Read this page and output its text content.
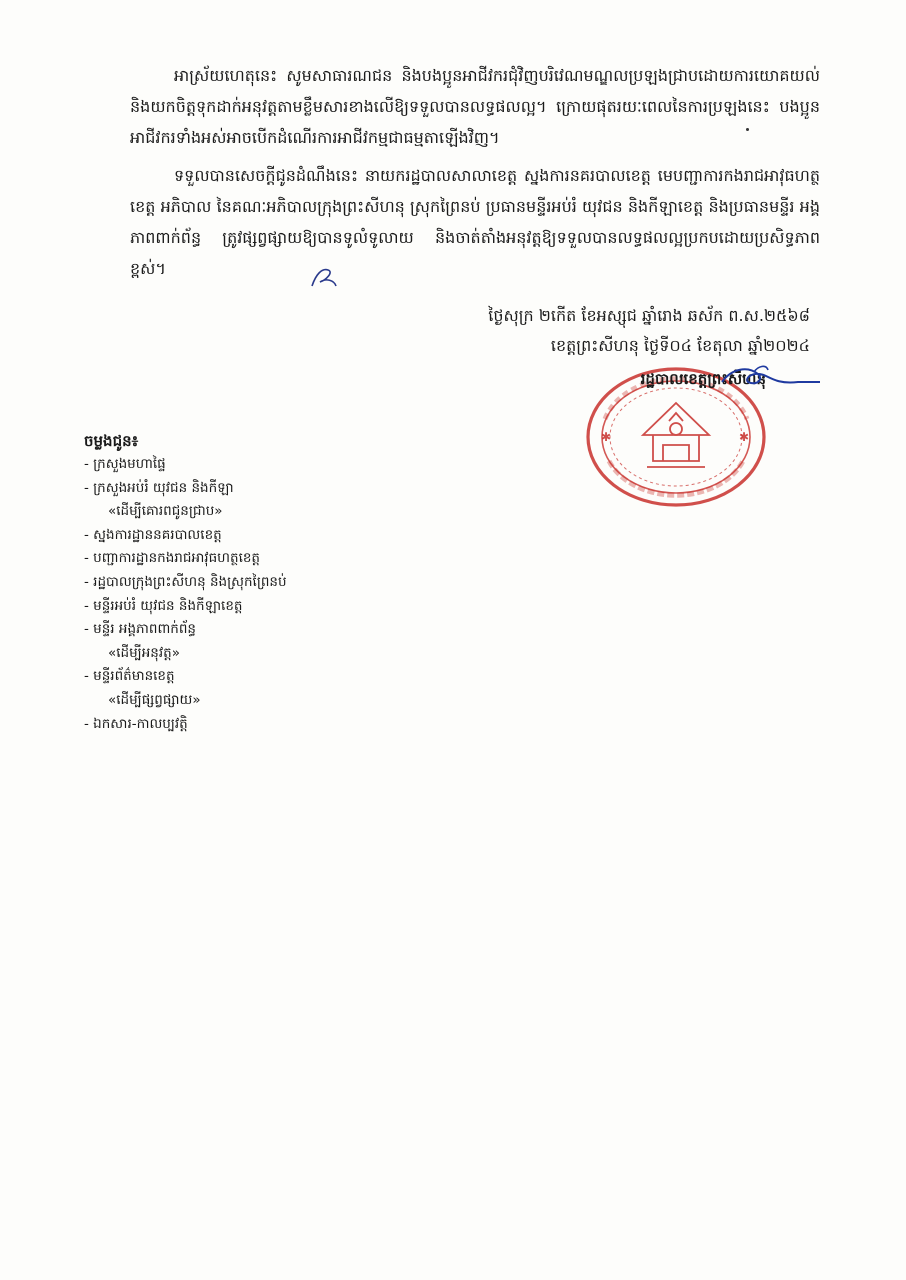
អាស្រ័យហេតុនេះ សូមសាធារណជន និងបងប្អូនអាជីវករជុំវិញបរិវេណមណ្ឌលប្រឡងជ្រាបដោយការយោគយល់ និងយកចិត្តទុកដាក់អនុវត្តតាមខ្លឹមសារខាងលើឱ្យទទួលបានលទ្ធផលល្អ។ ក្រោយផុតរយៈពេលនៃការប្រឡងនេះ បងប្អូនអាជីវករទាំងអស់អាចបើកដំណើរការអាជីវកម្មជាធម្មតាឡើងវិញ។

ទទួលបានសេចក្តីជូនដំណឹងនេះ នាយករដ្ឋបាលសាលាខេត្ត ស្នងការនគរបាលខេត្ត មេបញ្ជាការកងរាជអាវុធហត្ថខេត្ត អភិបាល នៃគណៈអភិបាលក្រុងព្រះសីហនុ ស្រុកព្រៃនប់ ប្រធានមន្ទីរអប់រំ យុវជន និងកីឡាខេត្ត និងប្រធានមន្ទីរ អង្គភាពពាក់ព័ន្ធ ត្រូវផ្សព្វផ្សាយឱ្យបានទូលំទូលាយ និងចាត់តាំងអនុវត្តឱ្យទទួលបានលទ្ធផលល្អប្រកបដោយប្រសិទ្ធភាពខ្ពស់។

ថ្ងៃសុក្រ ២កើត ខែអស្សុជ ឆ្នាំរោង ឆស័ក ព.ស.២៥៦៨
ខេត្តព្រះសីហនុ ថ្ងៃទី០៤ ខែតុលា ឆ្នាំ២០២៤
✱	✱
រដ្ឋបាលខេត្តព្រះសីហនុ
ចម្លងជូន៖
- ក្រសួងមហាផ្ទៃ
- ក្រសួងអប់រំ យុវជន និងកីឡា
«ដើម្បីគោរពជូនជ្រាប»
- ស្នងការដ្ឋាននគរបាលខេត្ត
- បញ្ជាការដ្ឋានកងរាជអាវុធហត្ថខេត្ត
- រដ្ឋបាលក្រុងព្រះសីហនុ និងស្រុកព្រៃនប់
- មន្ទីរអប់រំ យុវជន និងកីឡាខេត្ត
- មន្ទីរ អង្គភាពពាក់ព័ន្ធ
«ដើម្បីអនុវត្ត»
- មន្ទីរព័ត៌មានខេត្ត
«ដើម្បីផ្សព្វផ្សាយ»
- ឯកសារ-កាលប្បវត្តិ
